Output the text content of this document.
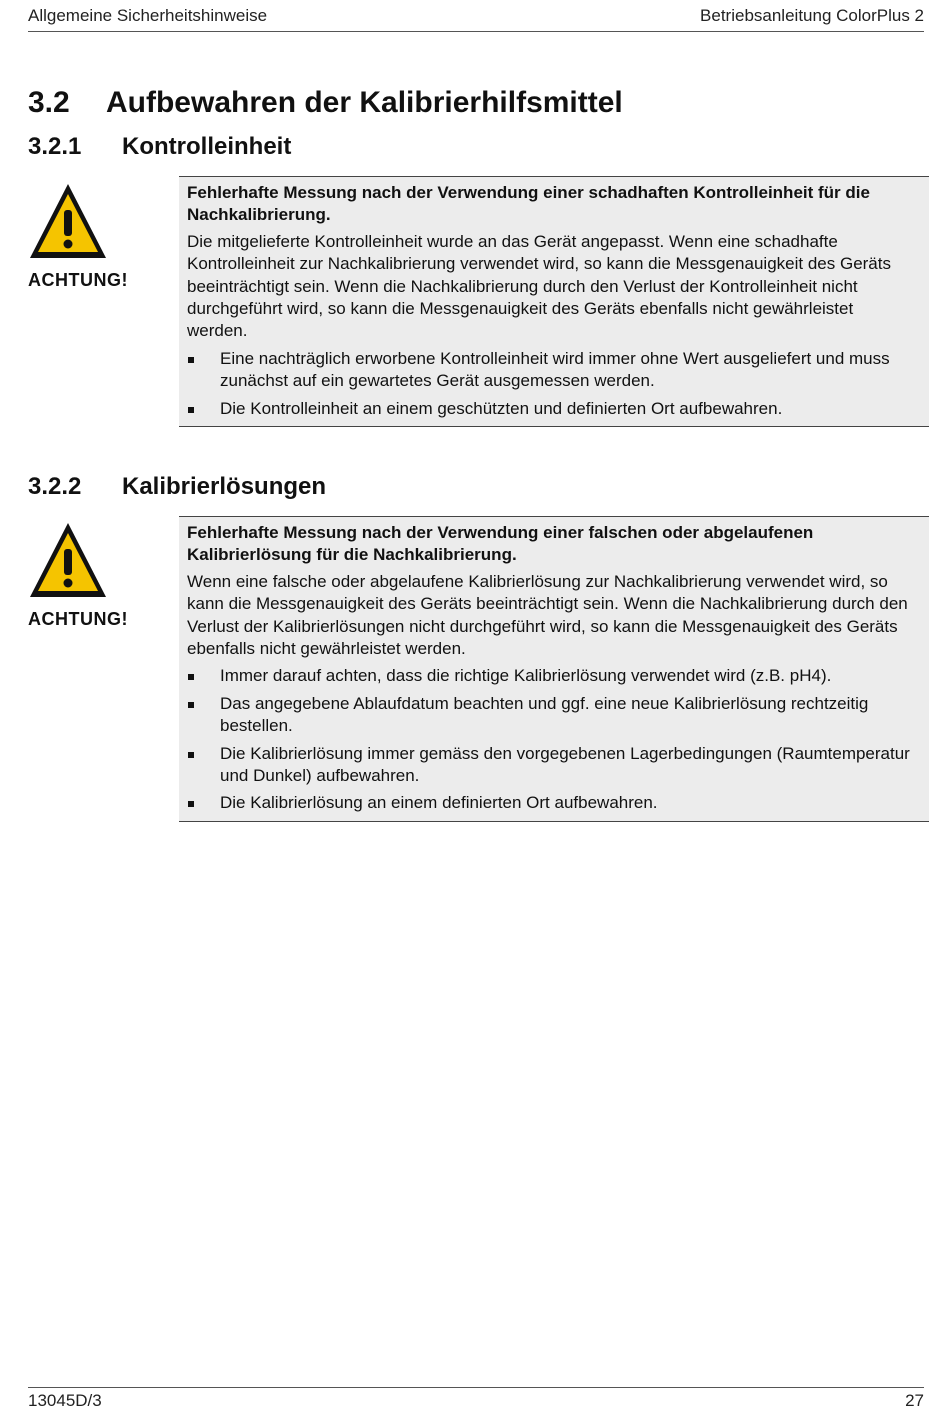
Allgemeine Sicherheitshinweise	Betriebsanleitung ColorPlus 2
3.2	Aufbewahren der Kalibrierhilfsmittel
3.2.1	Kontrolleinheit
ACHTUNG!
Fehlerhafte Messung nach der Verwendung einer schadhaften Kontrolleinheit für die Nachkalibrierung.
Die mitgelieferte Kontrolleinheit wurde an das Gerät angepasst. Wenn eine schadhafte Kontrolleinheit zur Nachkalibrierung verwendet wird, so kann die Messgenauigkeit des Geräts beeinträchtigt sein. Wenn die Nachkalibrierung durch den Verlust der Kontrolleinheit nicht durchgeführt wird, so kann die Messgenauigkeit des Geräts ebenfalls nicht gewährleistet werden.
Eine nachträglich erworbene Kontrolleinheit wird immer ohne Wert ausgeliefert und muss zunächst auf ein gewartetes Gerät ausgemessen werden.
Die Kontrolleinheit an einem geschützten und definierten Ort aufbewahren.
3.2.2	Kalibrierlösungen
ACHTUNG!
Fehlerhafte Messung nach der Verwendung einer falschen oder abgelaufenen Kalibrierlösung für die Nachkalibrierung.
Wenn eine falsche oder abgelaufene Kalibrierlösung zur Nachkalibrierung verwendet wird, so kann die Messgenauigkeit des Geräts beeinträchtigt sein. Wenn die Nachkalibrierung durch den Verlust der Kalibrierlösungen nicht durchgeführt wird, so kann die Messgenauigkeit des Geräts ebenfalls nicht gewährleistet werden.
Immer darauf achten, dass die richtige Kalibrierlösung verwendet wird (z.B. pH4).
Das angegebene Ablaufdatum beachten und ggf. eine neue Kalibrierlösung rechtzeitig bestellen.
Die Kalibrierlösung immer gemäss den vorgegebenen Lagerbedingungen (Raumtemperatur und Dunkel) aufbewahren.
Die Kalibrierlösung an einem definierten Ort aufbewahren.
13045D/3	27
